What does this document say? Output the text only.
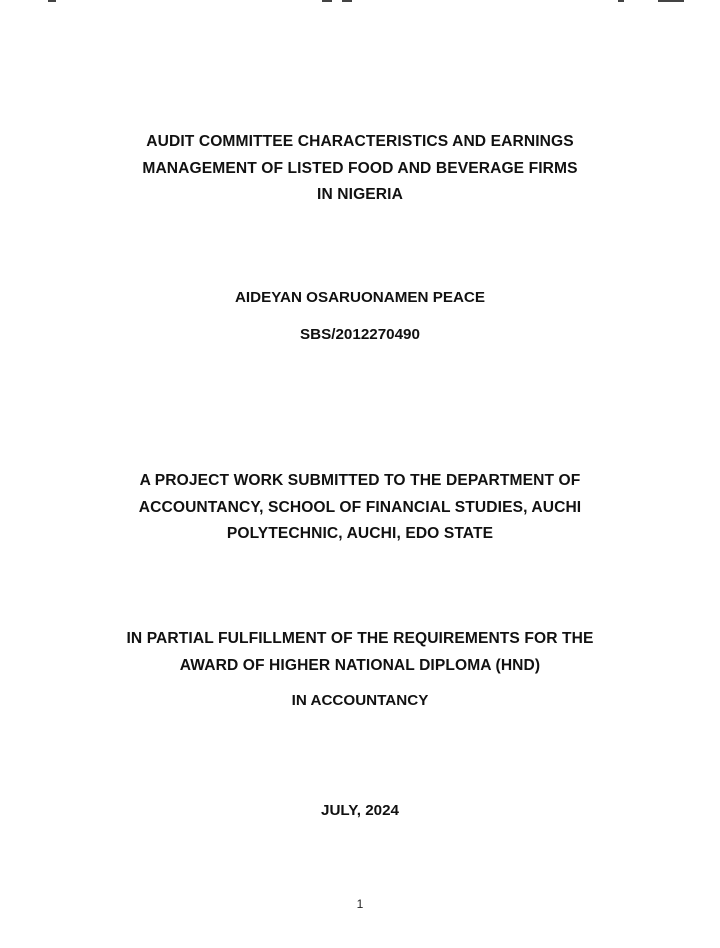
AUDIT COMMITTEE CHARACTERISTICS AND EARNINGS
MANAGEMENT OF LISTED FOOD AND BEVERAGE FIRMS
IN NIGERIA

AIDEYAN OSARUONAMEN PEACE

SBS/2012270490

A PROJECT WORK SUBMITTED TO THE DEPARTMENT OF
ACCOUNTANCY, SCHOOL OF FINANCIAL STUDIES, AUCHI
POLYTECHNIC, AUCHI, EDO STATE
IN PARTIAL FULFILLMENT OF THE REQUIREMENTS FOR THE
AWARD OF HIGHER NATIONAL DIPLOMA (HND)

IN ACCOUNTANCY

JULY, 2024

1
